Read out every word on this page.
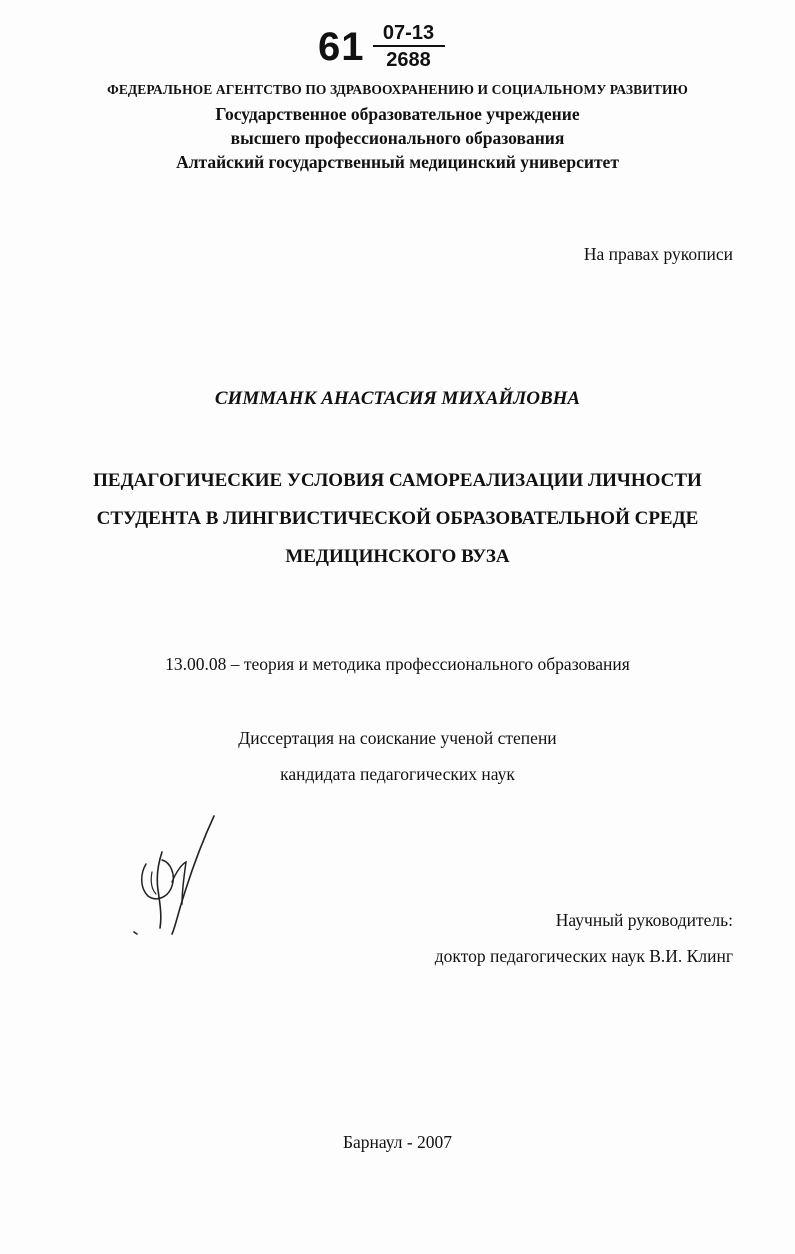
$61 \frac{07-13}{2688}$
ФЕДЕРАЛЬНОЕ АГЕНТСТВО ПО ЗДРАВООХРАНЕНИЮ И СОЦИАЛЬНОМУ РАЗВИТИЮ
Государственное образовательное учреждение
высшего профессионального образования
Алтайский государственный медицинский университет
На правах рукописи
СИММАНК АНАСТАСИЯ МИХАЙЛОВНА
ПЕДАГОГИЧЕСКИЕ УСЛОВИЯ САМОРЕАЛИЗАЦИИ ЛИЧНОСТИ
СТУДЕНТА В ЛИНГВИСТИЧЕСКОЙ ОБРАЗОВАТЕЛЬНОЙ СРЕДЕ
МЕДИЦИНСКОГО ВУЗА
13.00.08 – теория и методика профессионального образования
Диссертация на соискание ученой степени
кандидата педагогических наук
Научный руководитель:
доктор педагогических наук В.И. Клинг
Барнаул - 2007
